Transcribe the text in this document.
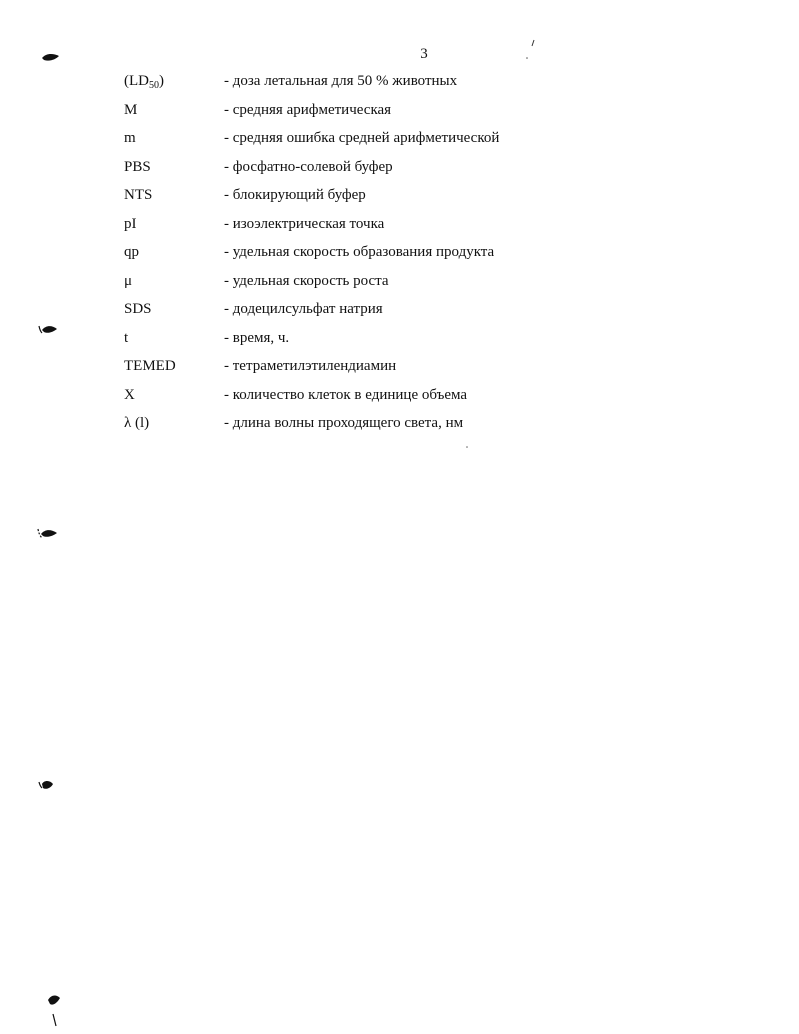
3
$(LD_{50})$	- доза летальная для 50 % животных
M	- средняя арифметическая
m	- средняя ошибка средней арифметической
PBS	- фосфатно-солевой буфер
NTS	- блокирующий буфер
pI	- изоэлектрическая точка
qp	- удельная скорость образования продукта
μ	- удельная скорость роста
SDS	- додецилсульфат натрия
t	- время, ч.
TEMED	- тетраметилэтилендиамин
X	- количество клеток в единице объема
λ (l)	- длина волны проходящего света, нм
